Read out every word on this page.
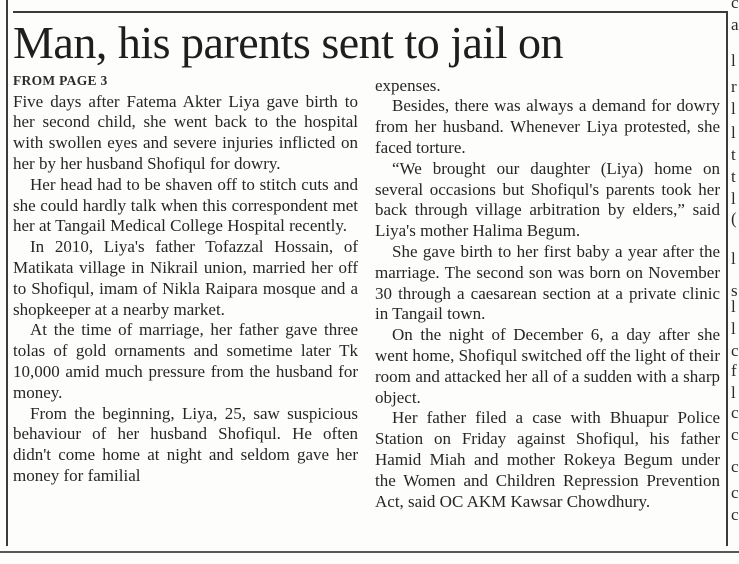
Man, his parents sent to jail on
FROM PAGE 3

Five days after Fatema Akter Liya gave birth to her second child, she went back to the hospital with swollen eyes and severe injuries inflicted on her by her husband Shofiqul for dowry.

Her head had to be shaven off to stitch cuts and she could hardly talk when this correspondent met her at Tangail Medical College Hospital recently.

In 2010, Liya's father Tofazzal Hossain, of Matikata village in Nikrail union, married her off to Shofiqul, imam of Nikla Raipara mosque and a shopkeeper at a nearby market.

At the time of marriage, her father gave three tolas of gold ornaments and sometime later Tk 10,000 amid much pressure from the husband for money.

From the beginning, Liya, 25, saw suspicious behaviour of her husband Shofiqul. He often didn't come home at night and seldom gave her money for familial

expenses.

Besides, there was always a demand for dowry from her husband. Whenever Liya protested, she faced torture.

“We brought our daughter (Liya) home on several occasions but Shofiqul's parents took her back through village arbitration by elders,” said Liya's mother Halima Begum.

She gave birth to her first baby a year after the marriage. The second son was born on November 30 through a caesarean section at a private clinic in Tangail town.

On the night of December 6, a day after she went home, Shofiqul switched off the light of their room and attacked her all of a sudden with a sharp object.

Her father filed a case with Bhuapur Police Station on Friday against Shofiqul, his father Hamid Miah and mother Rokeya Begum under the Women and Children Repression Prevention Act, said OC AKM Kawsar Chowdhury.

c
a
l
r
l
l
t
t
l
(
l
s
l
l
c
f
l
c
c
c
c
c
